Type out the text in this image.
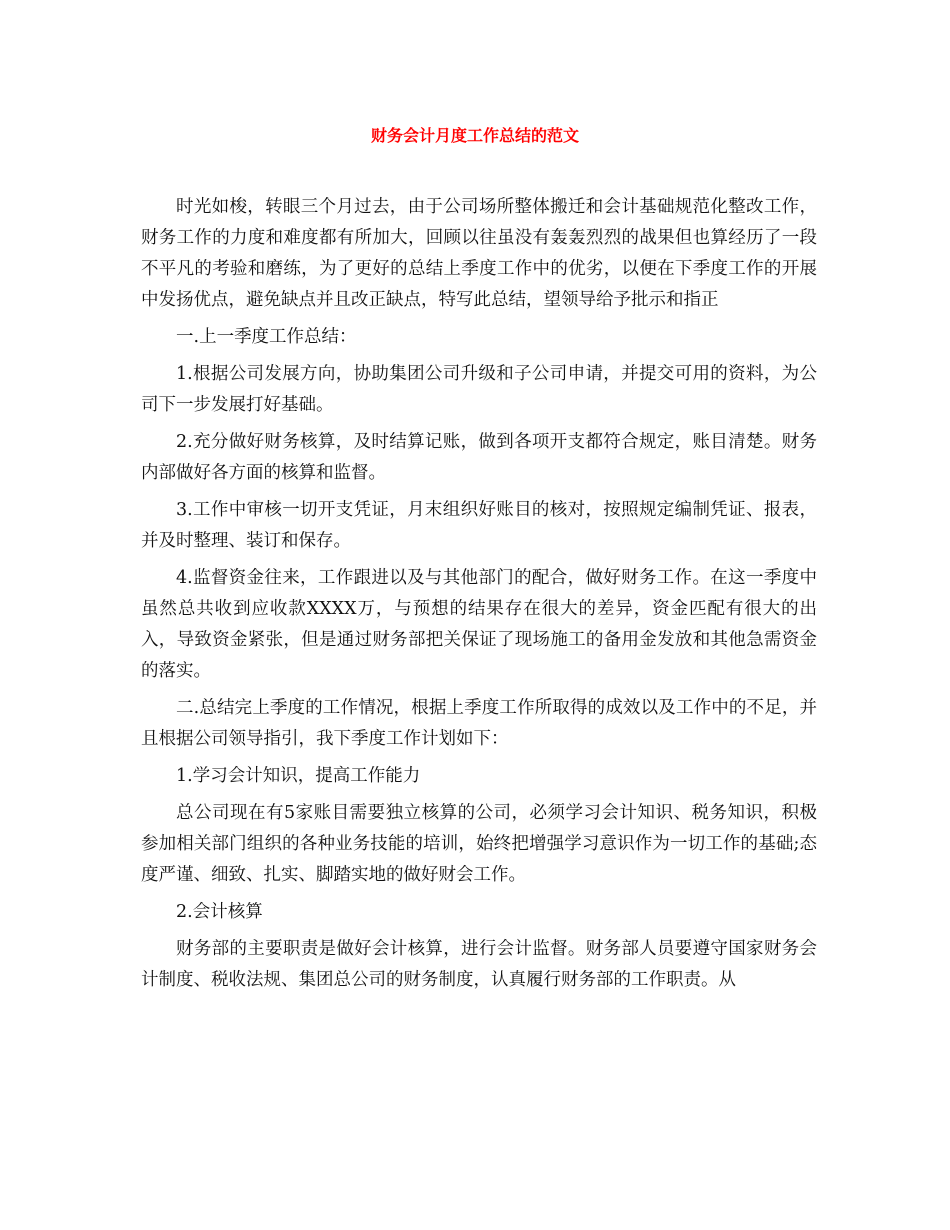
财务会计月度工作总结的范文

时光如梭，转眼三个月过去，由于公司场所整体搬迁和会计基础规范化整改工作，财务工作的力度和难度都有所加大，回顾以往虽没有轰轰烈烈的战果但也算经历了一段不平凡的考验和磨练，为了更好的总结上季度工作中的优劣，以便在下季度工作的开展中发扬优点，避免缺点并且改正缺点，特写此总结，望领导给予批示和指正

一.上一季度工作总结：

1.根据公司发展方向，协助集团公司升级和子公司申请，并提交可用的资料，为公司下一步发展打好基础。

2.充分做好财务核算，及时结算记账，做到各项开支都符合规定，账目清楚。财务内部做好各方面的核算和监督。

3.工作中审核一切开支凭证，月末组织好账目的核对，按照规定编制凭证、报表，并及时整理、装订和保存。

4.监督资金往来，工作跟进以及与其他部门的配合，做好财务工作。在这一季度中虽然总共收到应收款XXXX万，与预想的结果存在很大的差异，资金匹配有很大的出入，导致资金紧张，但是通过财务部把关保证了现场施工的备用金发放和其他急需资金的落实。

二.总结完上季度的工作情况，根据上季度工作所取得的成效以及工作中的不足，并且根据公司领导指引，我下季度工作计划如下：

1.学习会计知识，提高工作能力

总公司现在有5家账目需要独立核算的公司，必须学习会计知识、税务知识，积极参加相关部门组织的各种业务技能的培训，始终把增强学习意识作为一切工作的基础;态度严谨、细致、扎实、脚踏实地的做好财会工作。

2.会计核算

财务部的主要职责是做好会计核算，进行会计监督。财务部人员要遵守国家财务会计制度、税收法规、集团总公司的财务制度，认真履行财务部的工作职责。从
